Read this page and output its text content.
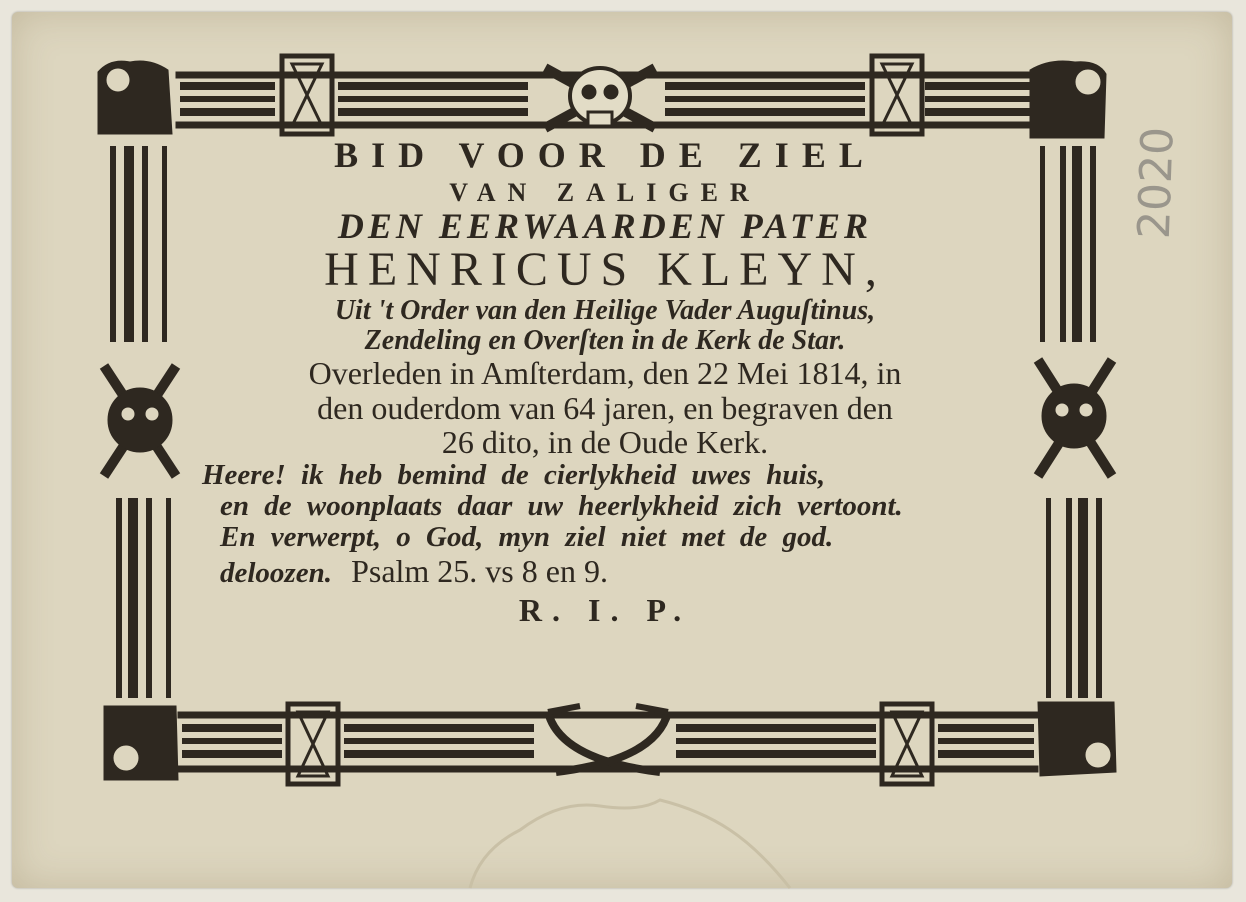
BID VOOR DE ZIEL
VAN ZALIGER
DEN EERWAARDEN PATER
HENRICUS KLEYN,
Uit 't Order van den Heilige Vader Auguſtinus,
Zendeling en Overſten in de Kerk de Star.
Overleden in Amſterdam, den 22 Mei 1814, in
den ouderdom van 64 jaren, en begraven den
26 dito, in de Oude Kerk.
Heere! ik heb bemind de cierlykheid uwes huis,
en de woonplaats daar uw heerlykheid zich vertoont.
En verwerpt, o God, myn ziel niet met de god.
deloozen. Psalm 25. vs 8 en 9.
R. I. P.
2020
